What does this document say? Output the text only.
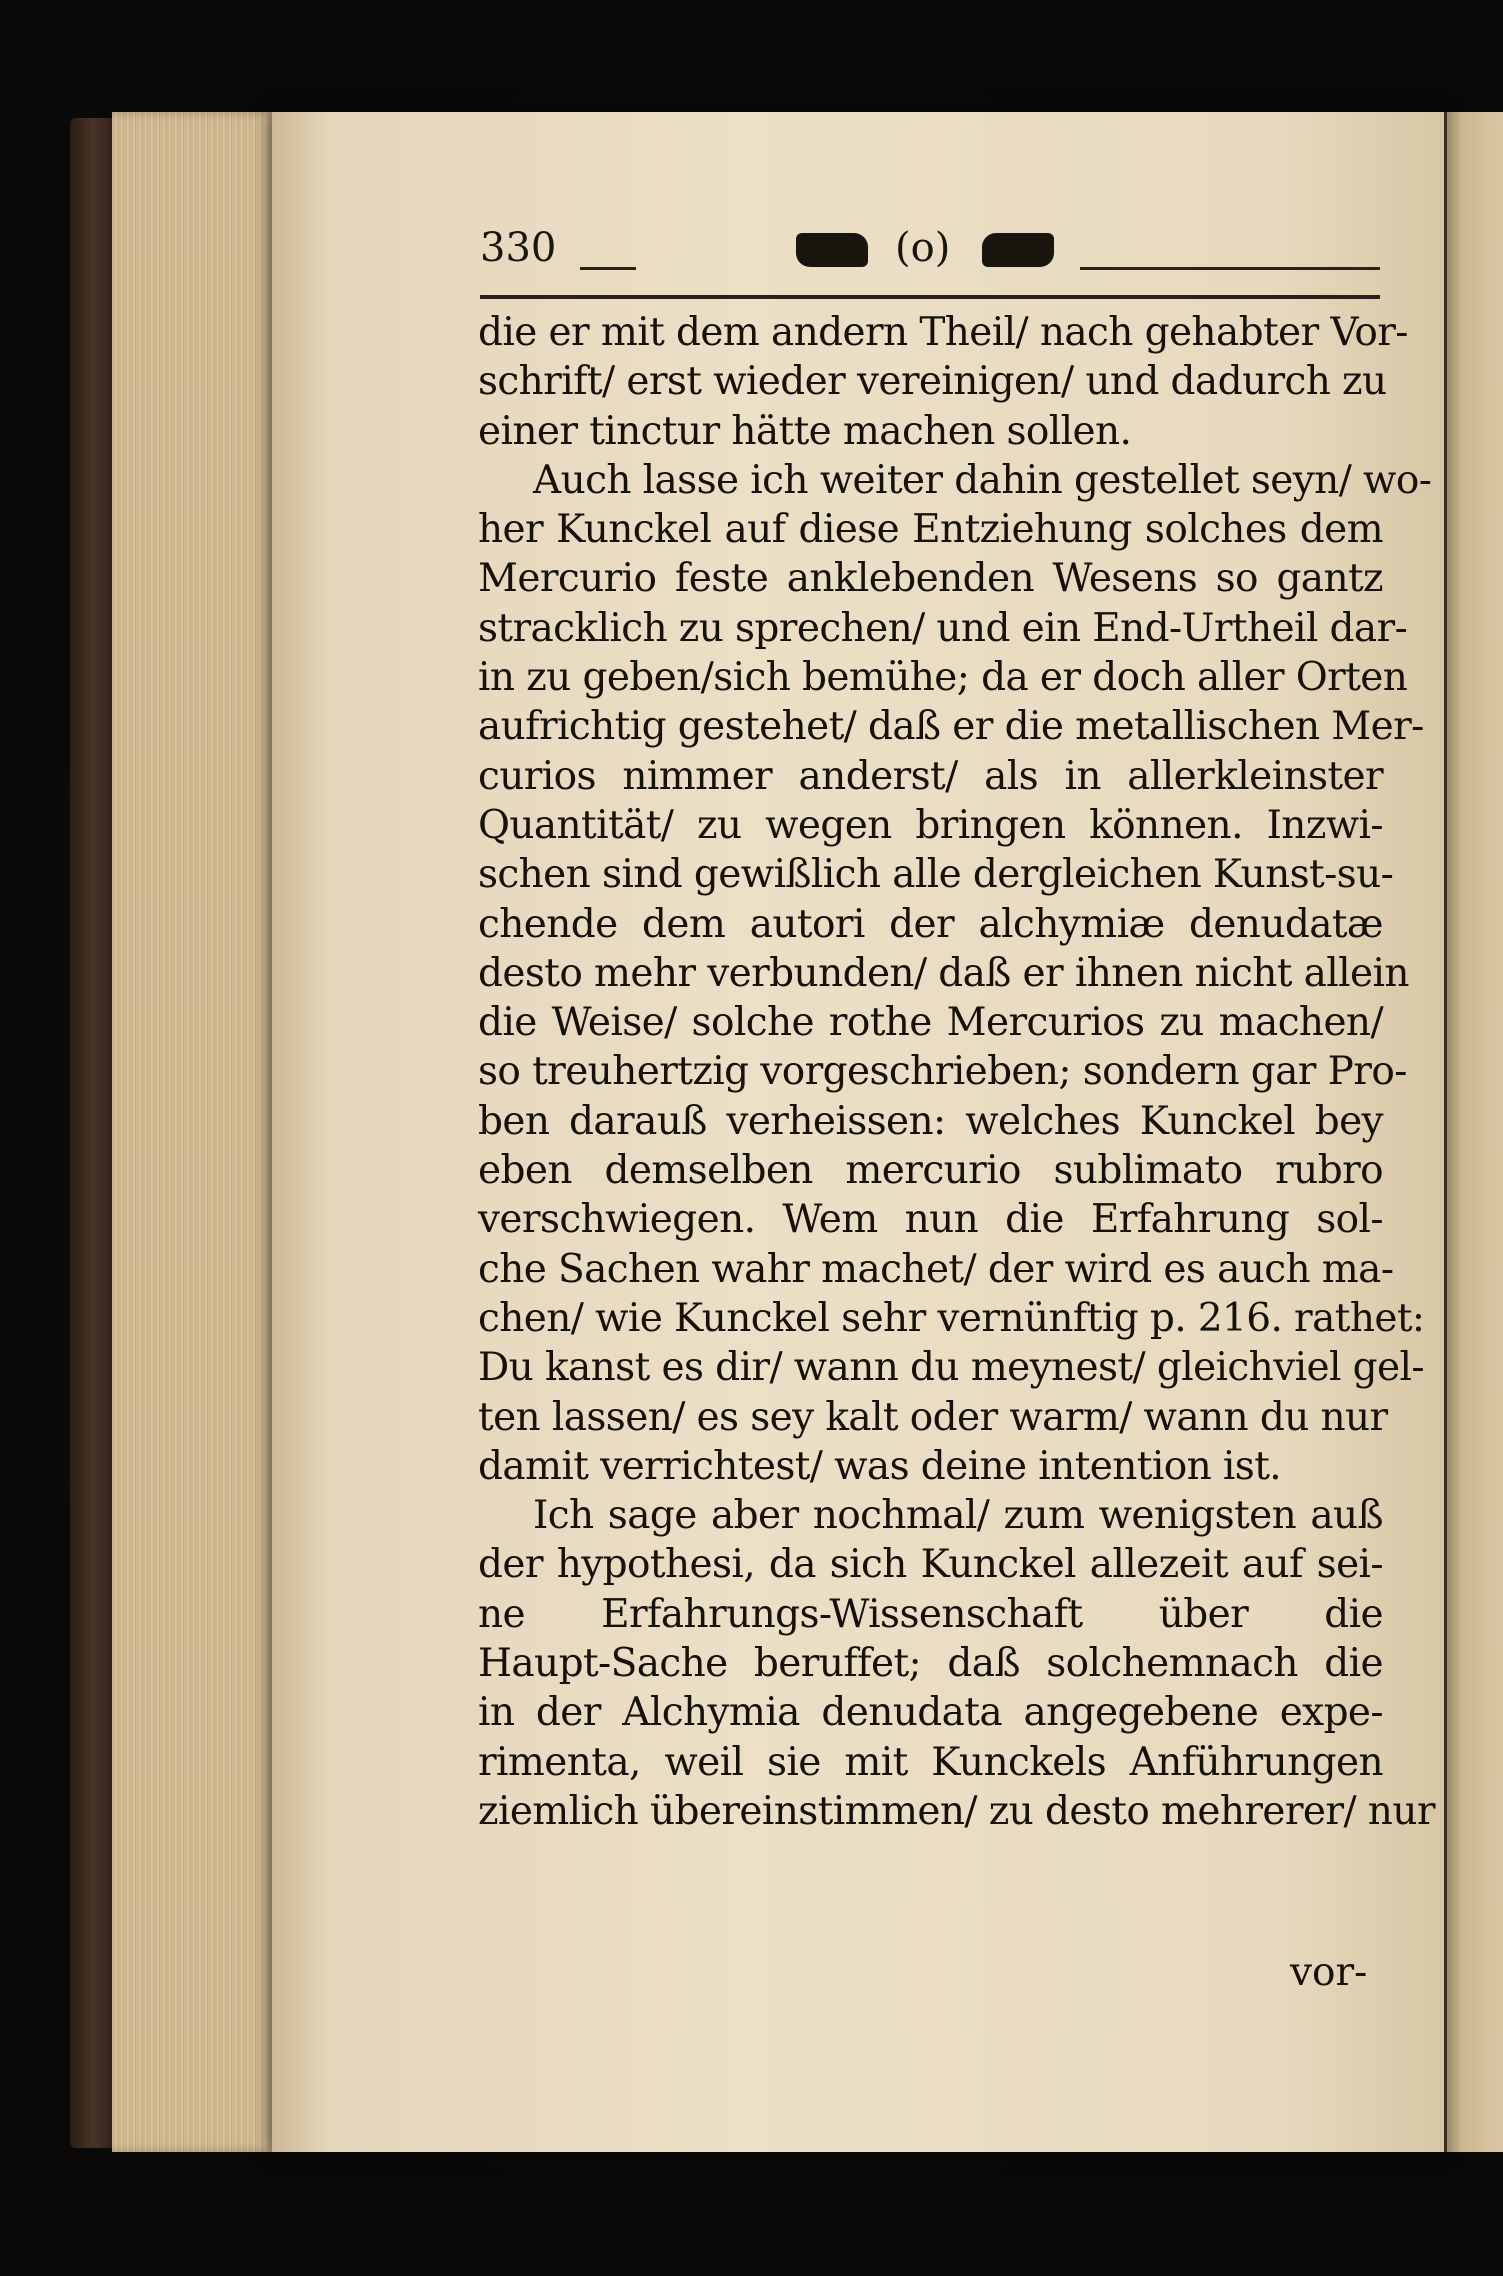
330	(o)
die er mit dem andern Theil/ nach gehabter Vor-
schrift/ erst wieder vereinigen/ und dadurch zu
einer tinctur hätte machen sollen.
Auch lasse ich weiter dahin gestellet seyn/ wo-
her Kunckel auf diese Entziehung solches dem
Mercurio feste anklebenden Wesens so gantz
stracklich zu sprechen/ und ein End-Urtheil dar-
in zu geben/sich bemühe; da er doch aller Orten
aufrichtig gestehet/ daß er die metallischen Mer-
curios nimmer anderst/ als in allerkleinster
Quantität/ zu wegen bringen können. Inzwi-
schen sind gewißlich alle dergleichen Kunst-su-
chende dem autori der alchymiæ denudatæ
desto mehr verbunden/ daß er ihnen nicht allein
die Weise/ solche rothe Mercurios zu machen/
so treuhertzig vorgeschrieben; sondern gar Pro-
ben darauß verheissen: welches Kunckel bey
eben demselben mercurio sublimato rubro
verschwiegen. Wem nun die Erfahrung sol-
che Sachen wahr machet/ der wird es auch ma-
chen/ wie Kunckel sehr vernünftig p. 216. rathet:
Du kanst es dir/ wann du meynest/ gleichviel gel-
ten lassen/ es sey kalt oder warm/ wann du nur
damit verrichtest/ was deine intention ist.
Ich sage aber nochmal/ zum wenigsten auß
der hypothesi, da sich Kunckel allezeit auf sei-
ne Erfahrungs-Wissenschaft über die
Haupt-Sache beruffet; daß solchemnach die
in der Alchymia denudata angegebene expe-
rimenta, weil sie mit Kunckels Anführungen
ziemlich übereinstimmen/ zu desto mehrerer/ nur
vor-
